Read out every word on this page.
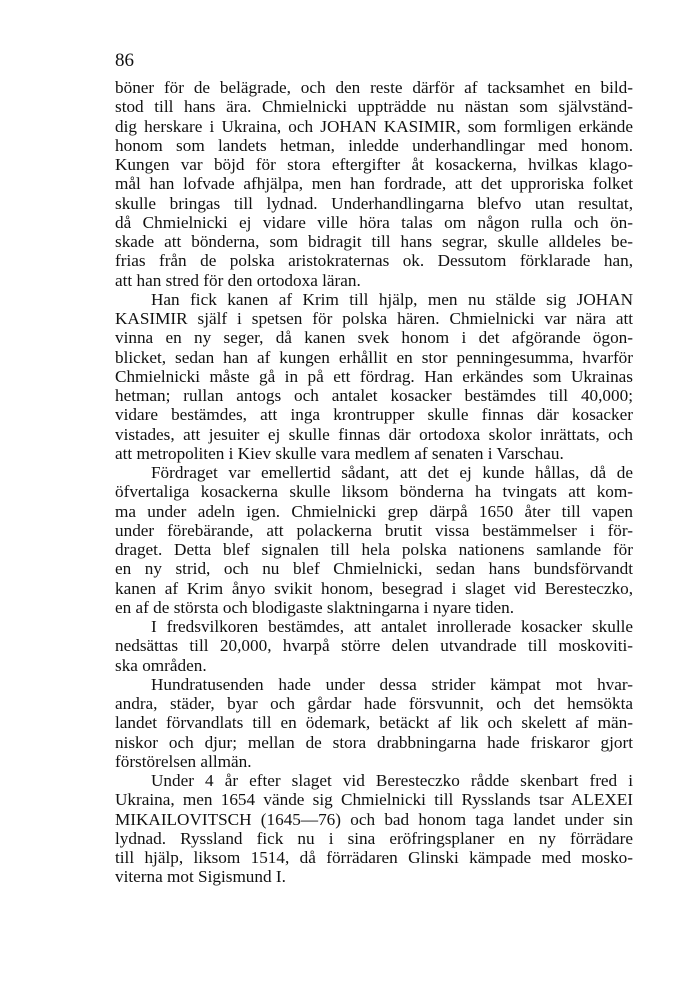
86
böner för de belägrade, och den reste därför af tacksamhet en bild-
stod till hans ära. Chmielnicki uppträdde nu nästan som självständ-
dig herskare i Ukraina, och JOHAN KASIMIR, som formligen erkände
honom som landets hetman, inledde underhandlingar med honom.
Kungen var böjd för stora eftergifter åt kosackerna, hvilkas klago-
mål han lofvade afhjälpa, men han fordrade, att det upproriska folket
skulle bringas till lydnad. Underhandlingarna blefvo utan resultat,
då Chmielnicki ej vidare ville höra talas om någon rulla och ön-
skade att bönderna, som bidragit till hans segrar, skulle alldeles be-
frias från de polska aristokraternas ok. Dessutom förklarade han,
att han stred för den ortodoxa läran.
Han fick kanen af Krim till hjälp, men nu stälde sig JOHAN
KASIMIR själf i spetsen för polska hären. Chmielnicki var nära att
vinna en ny seger, då kanen svek honom i det afgörande ögon-
blicket, sedan han af kungen erhållit en stor penningesumma, hvarför
Chmielnicki måste gå in på ett fördrag. Han erkändes som Ukrainas
hetman; rullan antogs och antalet kosacker bestämdes till 40,000;
vidare bestämdes, att inga krontrupper skulle finnas där kosacker
vistades, att jesuiter ej skulle finnas där ortodoxa skolor inrättats, och
att metropoliten i Kiev skulle vara medlem af senaten i Varschau.
Fördraget var emellertid sådant, att det ej kunde hållas, då de
öfvertaliga kosackerna skulle liksom bönderna ha tvingats att kom-
ma under adeln igen. Chmielnicki grep därpå 1650 åter till vapen
under förebärande, att polackerna brutit vissa bestämmelser i för-
draget. Detta blef signalen till hela polska nationens samlande för
en ny strid, och nu blef Chmielnicki, sedan hans bundsförvandt
kanen af Krim ånyo svikit honom, besegrad i slaget vid Beresteczko,
en af de största och blodigaste slaktningarna i nyare tiden.
I fredsvilkoren bestämdes, att antalet inrollerade kosacker skulle
nedsättas till 20,000, hvarpå större delen utvandrade till moskoviti-
ska områden.
Hundratusenden hade under dessa strider kämpat mot hvar-
andra, städer, byar och gårdar hade försvunnit, och det hemsökta
landet förvandlats till en ödemark, betäckt af lik och skelett af män-
niskor och djur; mellan de stora drabbningarna hade friskaror gjort
förstörelsen allmän.
Under 4 år efter slaget vid Beresteczko rådde skenbart fred i
Ukraina, men 1654 vände sig Chmielnicki till Rysslands tsar ALEXEI
MIKAILOVITSCH (1645—76) och bad honom taga landet under sin
lydnad. Ryssland fick nu i sina eröfringsplaner en ny förrädare
till hjälp, liksom 1514, då förrädaren Glinski kämpade med mosko-
viterna mot Sigismund I.
